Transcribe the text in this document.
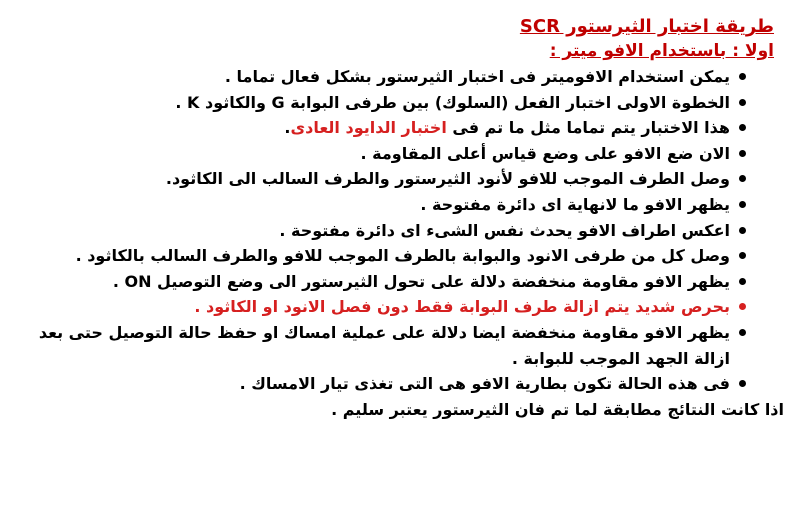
طريقة اختبار الثيرستور SCR
اولا : باستخدام الافو ميتر :
يمكن استخدام الافوميتر فى اختبار الثيرستور بشكل فعال تماما .
الخطوة الاولى اختبار الفعل (السلوك) بين طرفى البوابة G والكاثود K .
هذا الاختبار يتم تماما مثل ما تم فى اختبار الدايود العادى.
الان ضع الافو على وضع قياس أعلى المقاومة .
وصل الطرف الموجب للافو لأنود الثيرستور والطرف السالب الى الكاثود.
يظهر الافو ما لانهاية اى دائرة مفتوحة .
اعكس اطراف الافو يحدث نفس الشىء اى دائرة مفتوحة .
وصل كل من طرفى الانود والبوابة بالطرف الموجب للافو والطرف السالب بالكاثود .
يظهر الافو مقاومة منخفضة دلالة على تحول الثيرستور الى وضع التوصيل ON .
بحرص شديد يتم ازالة طرف البوابة فقط دون فصل الانود او الكاثود .
يظهر الافو مقاومة منخفضة ايضا دلالة على عملية امساك او حفظ حالة التوصيل حتى بعد ازالة الجهد الموجب للبوابة .
فى هذه الحالة تكون بطارية الافو هى التى تغذى تيار الامساك .
اذا كانت النتائج مطابقة لما تم فان الثيرستور يعتبر سليم .
